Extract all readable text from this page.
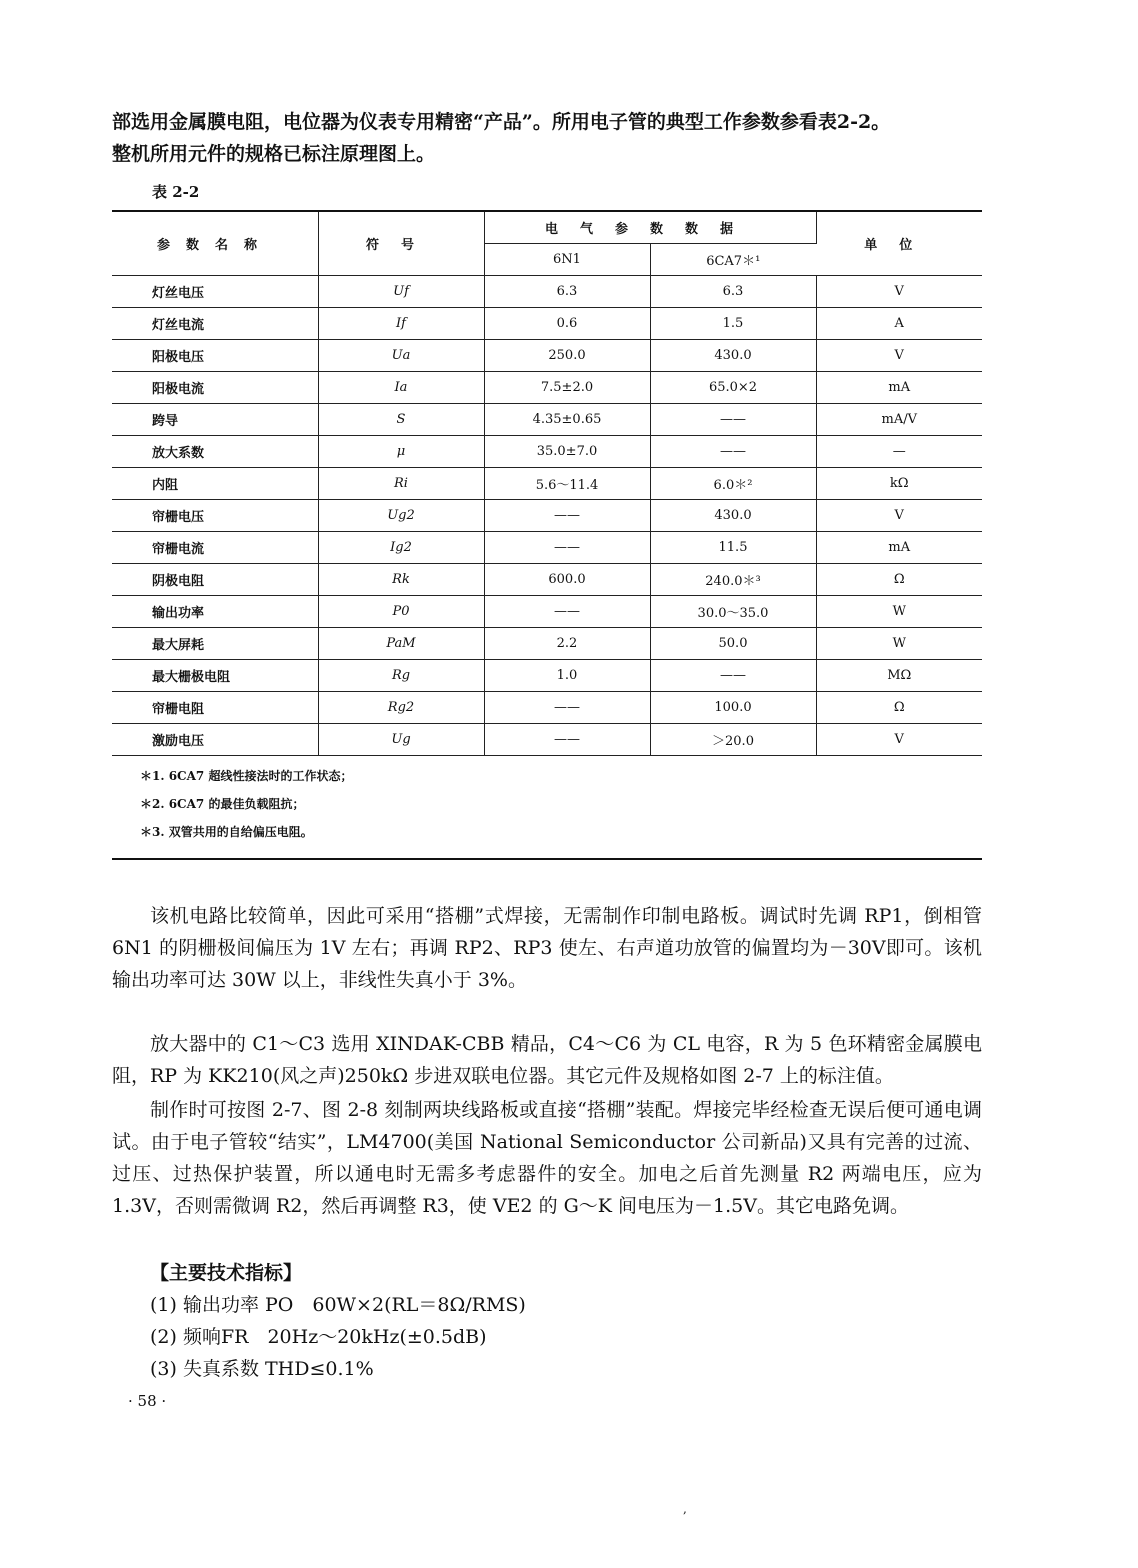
部选用金属膜电阻，电位器为仪表专用精密“产品”。所用电子管的典型工作参数参看表2-2。

整机所用元件的规格已标注原理图上。

表 2-2
参数名称	符号	电气参数数据		单位
		6N1	6CA7＊¹	
灯丝电压	Uf	6.3	6.3	V
灯丝电流	If	0.6	1.5	A
阳极电压	Ua	250.0	430.0	V
阳极电流	Ia	7.5±2.0	65.0×2	mA
跨导	S	4.35±0.65	——	mA/V
放大系数	μ	35.0±7.0	——	—
内阻	Ri	5.6～11.4	6.0＊²	kΩ
帘栅电压	Ug2	——	430.0	V
帘栅电流	Ig2	——	11.5	mA
阴极电阻	Rk	600.0	240.0＊³	Ω
输出功率	P0	——	30.0～35.0	W
最大屏耗	PaM	2.2	50.0	W
最大栅极电阻	Rg	1.0	——	MΩ
帘栅电阻	Rg2	——	100.0	Ω
激励电压	Ug	——	＞20.0	V
＊1. 6CA7 超线性接法时的工作状态；
＊2. 6CA7 的最佳负载阻抗；
＊3. 双管共用的自给偏压电阻。

该机电路比较简单，因此可采用“搭棚”式焊接，无需制作印制电路板。调试时先调 RP1，倒相管 6N1 的阴栅极间偏压为 1V 左右；再调 RP2、RP3 使左、右声道功放管的偏置均为－30V即可。该机输出功率可达 30W 以上，非线性失真小于 3%。

放大器中的 C1～C3 选用 XINDAK-CBB 精品，C4～C6 为 CL 电容，R 为 5 色环精密金属膜电阻，RP 为 KK210(风之声)250kΩ 步进双联电位器。其它元件及规格如图 2-7 上的标注值。

制作时可按图 2-7、图 2-8 刻制两块线路板或直接“搭棚”装配。焊接完毕经检查无误后便可通电调试。由于电子管较“结实”，LM4700(美国 National Semiconductor 公司新品)又具有完善的过流、过压、过热保护装置，所以通电时无需多考虑器件的安全。加电之后首先测量 R2 两端电压，应为 1.3V，否则需微调 R2，然后再调整 R3，使 VE2 的 G～K 间电压为－1.5V。其它电路免调。

【主要技术指标】

(1) 输出功率 PO　60W×2(RL＝8Ω/RMS)

(2) 频响FR　20Hz～20kHz(±0.5dB)

(3) 失真系数 THD≤0.1%

· 58 ·
,
